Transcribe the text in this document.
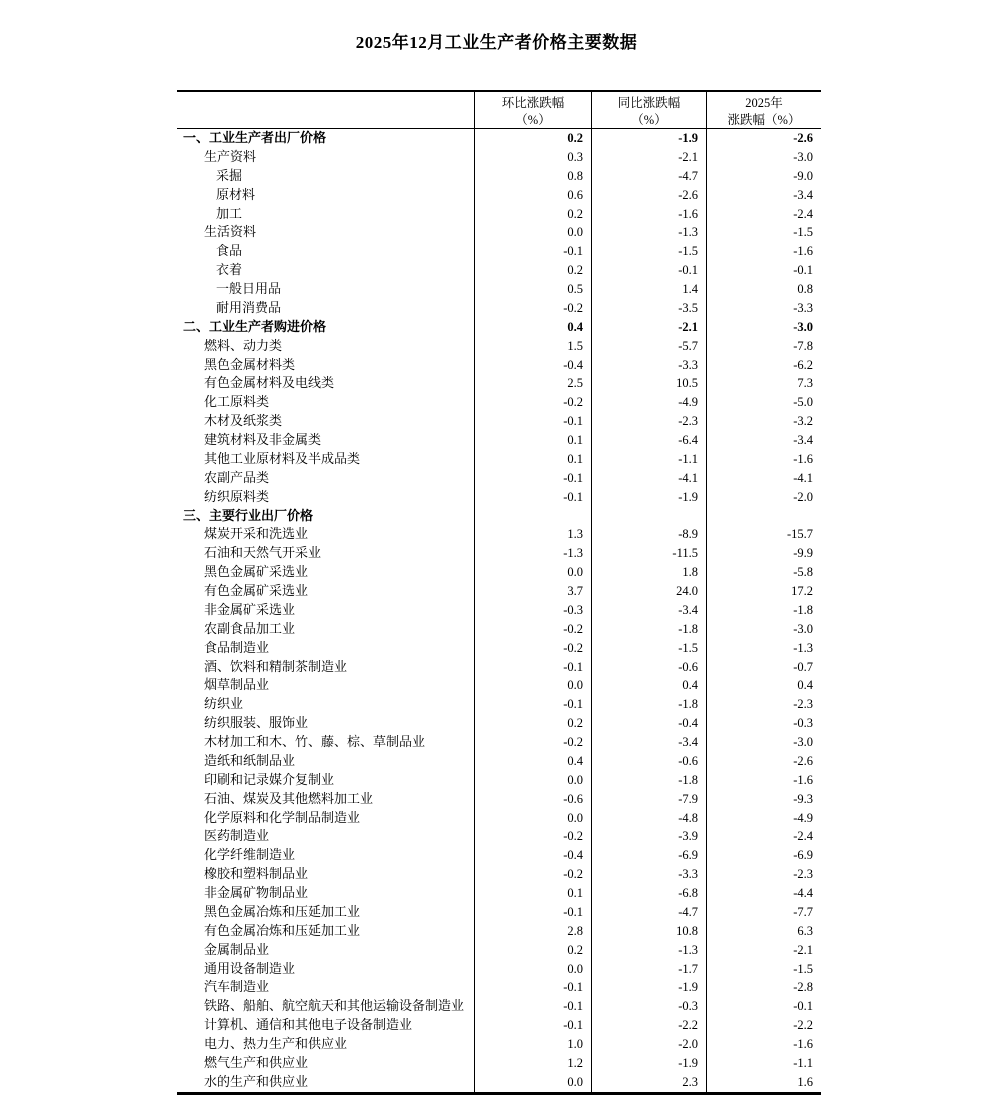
2025年12月工业生产者价格主要数据
环比涨跌幅
（%）
同比涨跌幅
（%）
2025年
涨跌幅（%）
一、工业生产者出厂价格	0.2	-1.9	-2.6
生产资料	0.3	-2.1	-3.0
采掘	0.8	-4.7	-9.0
原材料	0.6	-2.6	-3.4
加工	0.2	-1.6	-2.4
生活资料	0.0	-1.3	-1.5
食品	-0.1	-1.5	-1.6
衣着	0.2	-0.1	-0.1
一般日用品	0.5	1.4	0.8
耐用消费品	-0.2	-3.5	-3.3
二、工业生产者购进价格	0.4	-2.1	-3.0
燃料、动力类	1.5	-5.7	-7.8
黑色金属材料类	-0.4	-3.3	-6.2
有色金属材料及电线类	2.5	10.5	7.3
化工原料类	-0.2	-4.9	-5.0
木材及纸浆类	-0.1	-2.3	-3.2
建筑材料及非金属类	0.1	-6.4	-3.4
其他工业原材料及半成品类	0.1	-1.1	-1.6
农副产品类	-0.1	-4.1	-4.1
纺织原料类	-0.1	-1.9	-2.0
三、主要行业出厂价格
煤炭开采和洗选业	1.3	-8.9	-15.7
石油和天然气开采业	-1.3	-11.5	-9.9
黑色金属矿采选业	0.0	1.8	-5.8
有色金属矿采选业	3.7	24.0	17.2
非金属矿采选业	-0.3	-3.4	-1.8
农副食品加工业	-0.2	-1.8	-3.0
食品制造业	-0.2	-1.5	-1.3
酒、饮料和精制茶制造业	-0.1	-0.6	-0.7
烟草制品业	0.0	0.4	0.4
纺织业	-0.1	-1.8	-2.3
纺织服装、服饰业	0.2	-0.4	-0.3
木材加工和木、竹、藤、棕、草制品业	-0.2	-3.4	-3.0
造纸和纸制品业	0.4	-0.6	-2.6
印刷和记录媒介复制业	0.0	-1.8	-1.6
石油、煤炭及其他燃料加工业	-0.6	-7.9	-9.3
化学原料和化学制品制造业	0.0	-4.8	-4.9
医药制造业	-0.2	-3.9	-2.4
化学纤维制造业	-0.4	-6.9	-6.9
橡胶和塑料制品业	-0.2	-3.3	-2.3
非金属矿物制品业	0.1	-6.8	-4.4
黑色金属冶炼和压延加工业	-0.1	-4.7	-7.7
有色金属冶炼和压延加工业	2.8	10.8	6.3
金属制品业	0.2	-1.3	-2.1
通用设备制造业	0.0	-1.7	-1.5
汽车制造业	-0.1	-1.9	-2.8
铁路、船舶、航空航天和其他运输设备制造业	-0.1	-0.3	-0.1
计算机、通信和其他电子设备制造业	-0.1	-2.2	-2.2
电力、热力生产和供应业	1.0	-2.0	-1.6
燃气生产和供应业	1.2	-1.9	-1.1
水的生产和供应业	0.0	2.3	1.6
